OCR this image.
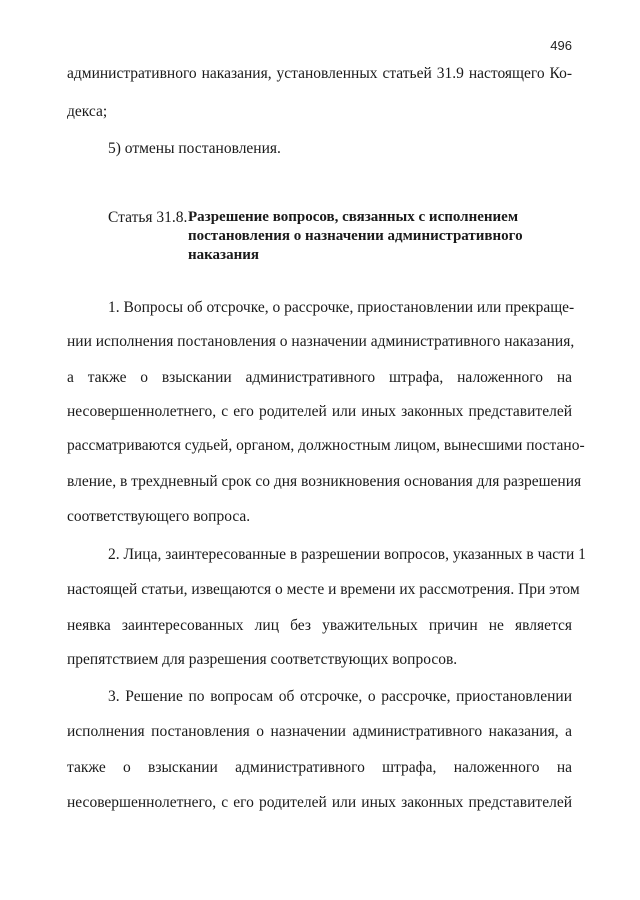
496
административного наказания, установленных статьей 31.9 настоящего Ко-
декса;
5) отмены постановления.
Статья 31.8. Разрешение вопросов, связанных с исполнением
постановления о назначении административного
наказания
1. Вопросы об отсрочке, о рассрочке, приостановлении или прекраще-
нии исполнения постановления о назначении административного наказания,
а также о взыскании административного штрафа, наложенного на
несовершеннолетнего, с его родителей или иных законных представителей
рассматриваются судьей, органом, должностным лицом, вынесшими постано-
вление, в трехдневный срок со дня возникновения основания для разрешения
соответствующего вопроса.
2. Лица, заинтересованные в разрешении вопросов, указанных в части 1
настоящей статьи, извещаются о месте и времени их рассмотрения. При этом
неявка заинтересованных лиц без уважительных причин не является
препятствием для разрешения соответствующих вопросов.
3. Решение по вопросам об отсрочке, о рассрочке, приостановлении
исполнения постановления о назначении административного наказания, а
также о взыскании административного штрафа, наложенного на
несовершеннолетнего, с его родителей или иных законных представителей
